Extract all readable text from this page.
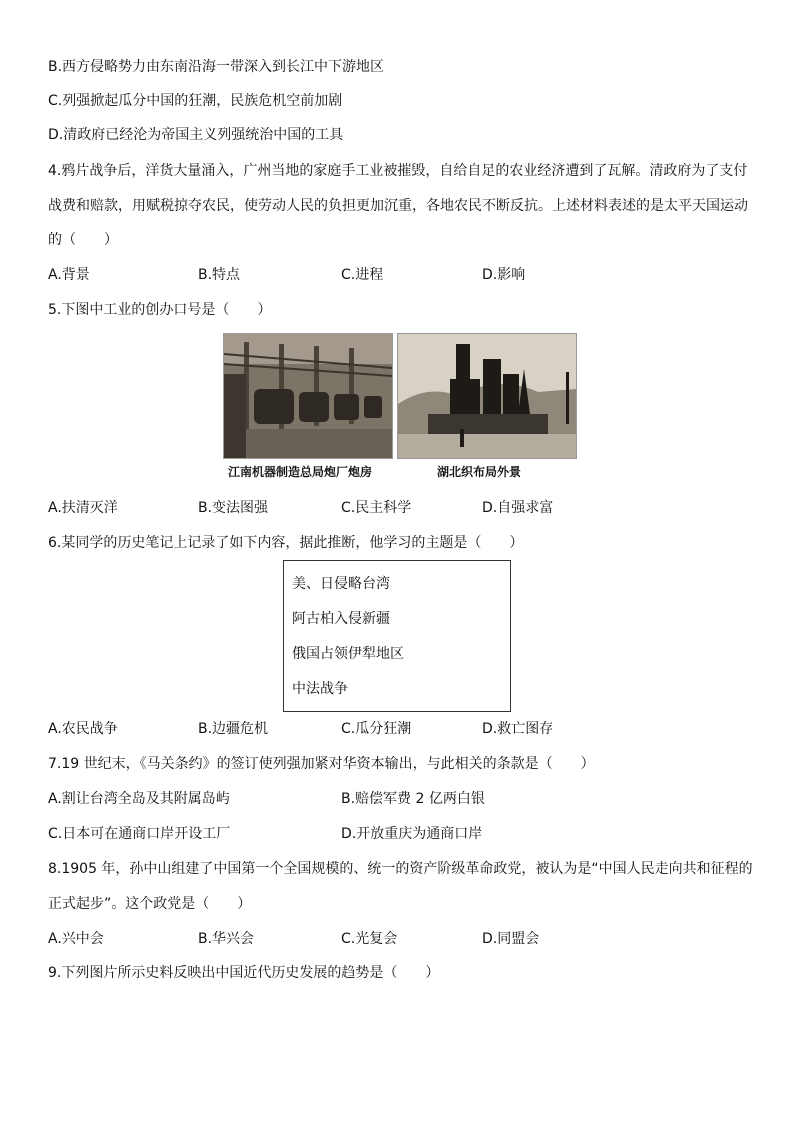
B.西方侵略势力由东南沿海一带深入到长江中下游地区
C.列强掀起瓜分中国的狂潮，民族危机空前加剧
D.清政府已经沦为帝国主义列强统治中国的工具
4.鸦片战争后，洋货大量涌入，广州当地的家庭手工业被摧毁，自给自足的农业经济遭到了瓦解。清政府为了支付
战费和赔款，用赋税掠夺农民，使劳动人民的负担更加沉重，各地农民不断反抗。上述材料表述的是太平天国运动
的（　　）
A.背景	B.特点	C.进程	D.影响
5.下图中工业的创办口号是（　　）
江南机器制造总局炮厂炮房	湖北织布局外景
A.扶清灭洋	B.变法图强	C.民主科学	D.自强求富
6.某同学的历史笔记上记录了如下内容，据此推断，他学习的主题是（　　）
美、日侵略台湾
阿古柏入侵新疆
俄国占领伊犁地区
中法战争
A.农民战争	B.边疆危机	C.瓜分狂潮	D.救亡图存
7.19 世纪末，《马关条约》的签订使列强加紧对华资本输出，与此相关的条款是（　　）
A.割让台湾全岛及其附属岛屿	B.赔偿军费 2 亿两白银
C.日本可在通商口岸开设工厂	D.开放重庆为通商口岸
8.1905 年，孙中山组建了中国第一个全国规模的、统一的资产阶级革命政党，被认为是“中国人民走向共和征程的
正式起步”。这个政党是（　　）
A.兴中会	B.华兴会	C.光复会	D.同盟会
9.下列图片所示史料反映出中国近代历史发展的趋势是（　　）
